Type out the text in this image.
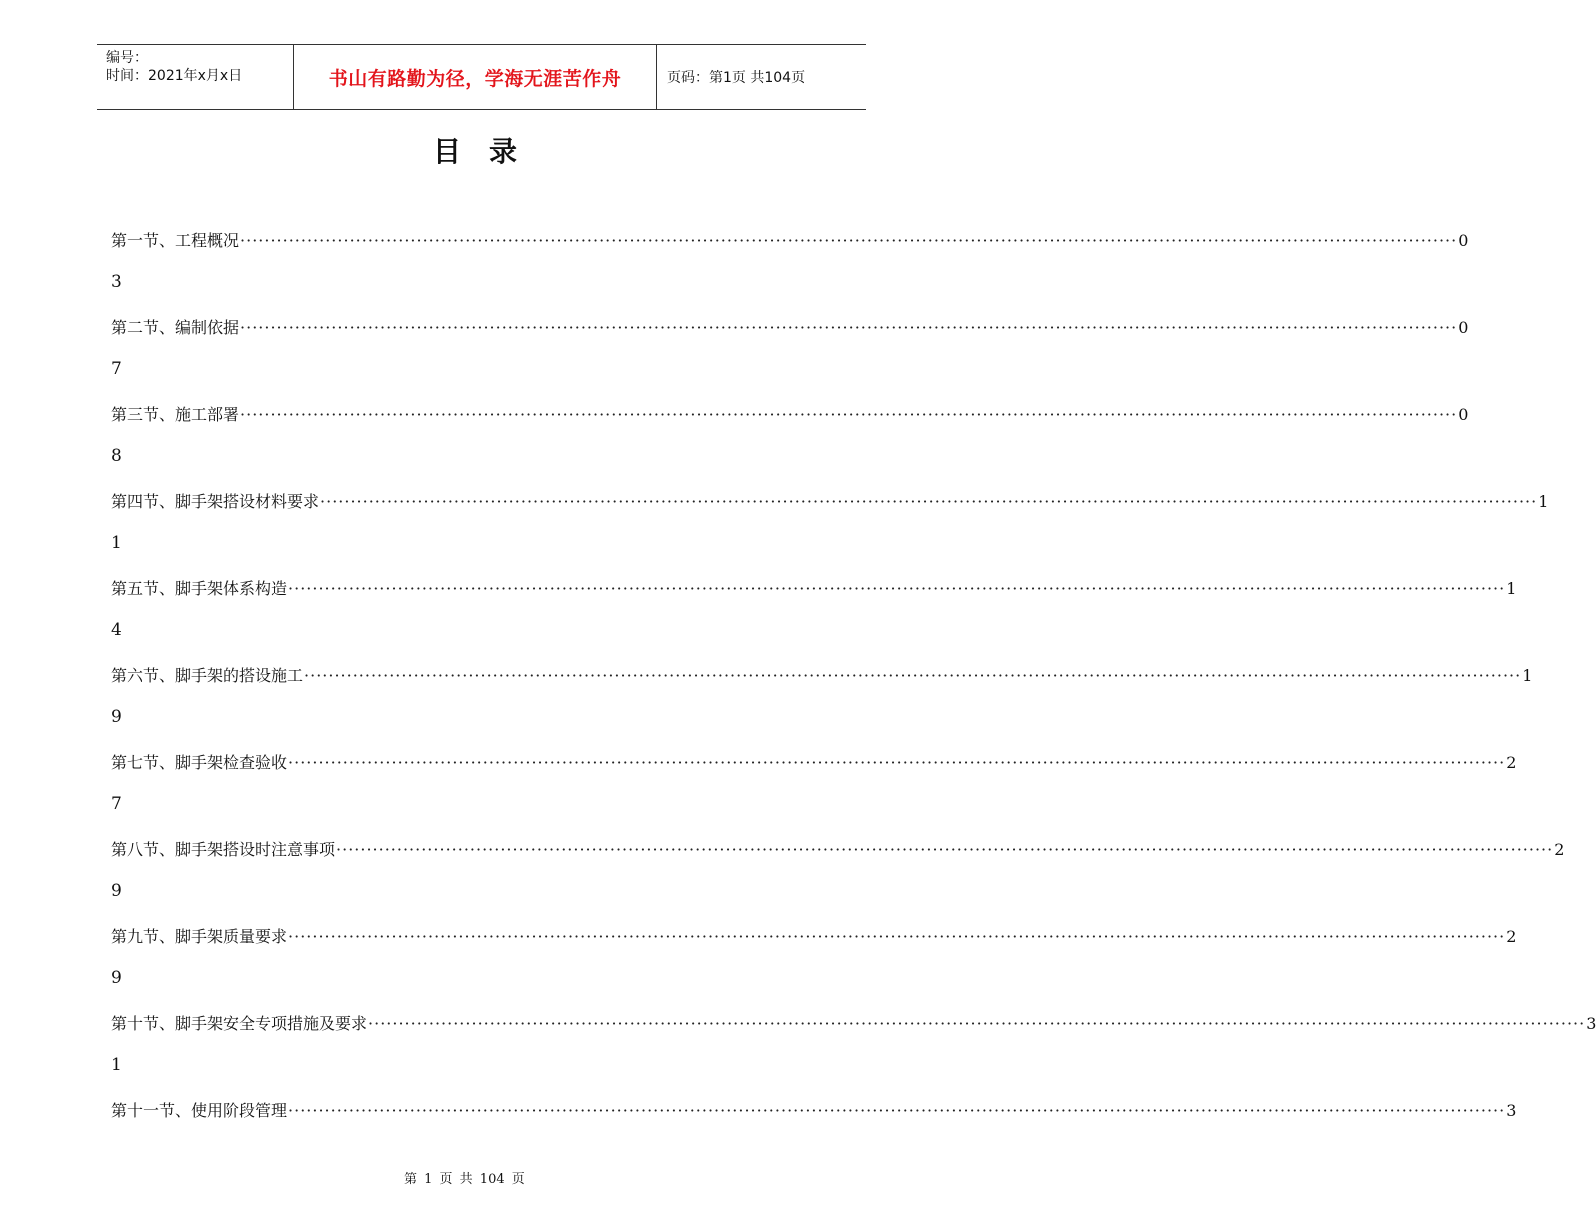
编号：
时间：2021年x月x日	书山有路勤为径，学海无涯苦作舟	页码：第1页 共104页
目录
第一节、工程概况 ········································································································································································································ 0
3
第二节、编制依据 ········································································································································································································ 0
7
第三节、施工部署 ········································································································································································································ 0
8
第四节、脚手架搭设材料要求 ········································································································································································································ 1
1
第五节、脚手架体系构造 ········································································································································································································ 1
4
第六节、脚手架的搭设施工 ········································································································································································································ 1
9
第七节、脚手架检查验收 ········································································································································································································ 2
7
第八节、脚手架搭设时注意事项 ········································································································································································································ 2
9
第九节、脚手架质量要求 ········································································································································································································ 2
9
第十节、脚手架安全专项措施及要求 ········································································································································································································ 3
1
第十一节、使用阶段管理 ········································································································································································································ 3
第 1 页 共 104 页
